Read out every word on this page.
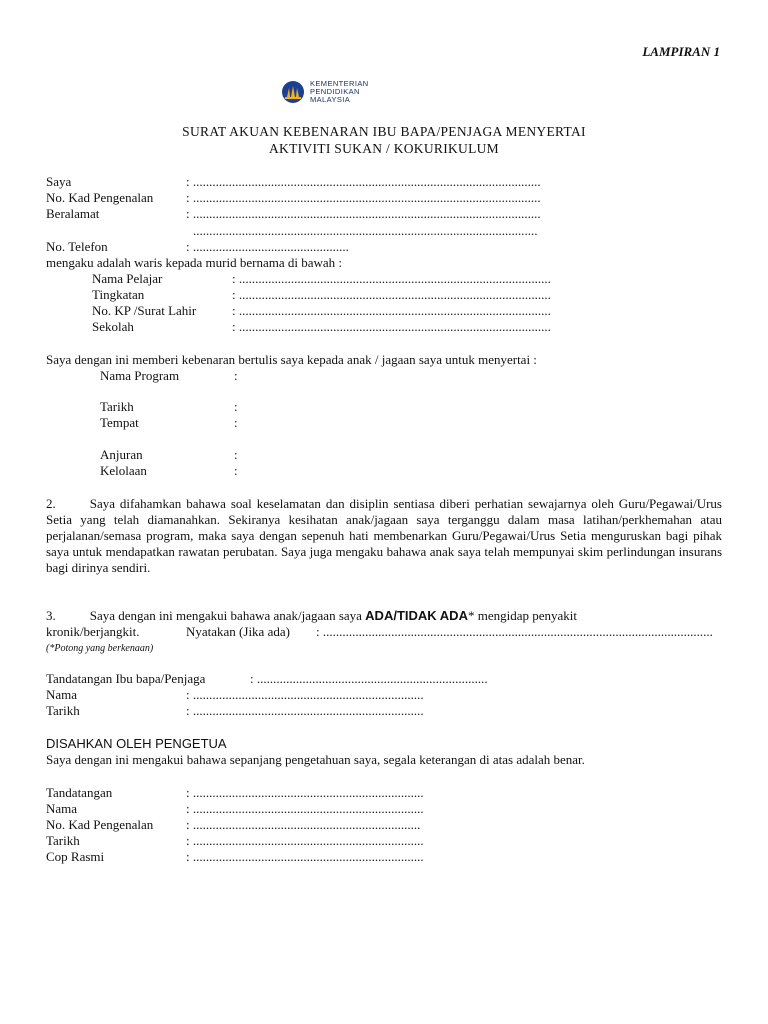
LAMPIRAN 1
KEMENTERIAN
PENDIDIKAN
MALAYSIA
SURAT AKUAN KEBENARAN IBU BAPA/PENJAGA MENYERTAI
AKTIVITI SUKAN / KOKURIKULUM
Saya	: ...........................................................................................................
No. Kad Pengenalan	: ...........................................................................................................
Beralamat	: ...........................................................................................................
..........................................................................................................
No. Telefon	: ................................................
mengaku adalah waris kepada murid bernama di bawah :
Nama Pelajar	: ................................................................................................
Tingkatan	: ................................................................................................
No. KP /Surat Lahir	: ................................................................................................
Sekolah	: ................................................................................................
Saya dengan ini memberi kebenaran bertulis saya kepada anak / jagaan saya untuk menyertai :
Nama Program	:
Tarikh	:
Tempat	:
Anjuran	:
Kelolaan	:
2.	Saya difahamkan bahawa soal keselamatan dan disiplin sentiasa diberi perhatian sewajarnya oleh Guru/Pegawai/Urus Setia yang telah diamanahkan. Sekiranya kesihatan anak/jagaan saya terganggu dalam masa latihan/perkhemahan atau perjalanan/semasa program, maka saya dengan sepenuh hati membenarkan Guru/Pegawai/Urus Setia menguruskan bagi pihak saya untuk mendapatkan rawatan perubatan. Saya juga mengaku bahawa anak saya telah mempunyai skim perlindungan insurans bagi dirinya sendiri.
3.	Saya dengan ini mengakui bahawa anak/jagaan saya ADA/TIDAK ADA* mengidap penyakit
kronik/berjangkit.	Nyatakan (Jika ada) : ........................................................................................................................
(*Potong yang berkenaan)
Tandatangan Ibu bapa/Penjaga	: .......................................................................
Nama	: .......................................................................
Tarikh	: .......................................................................
DISAHKAN OLEH PENGETUA
Saya dengan ini mengakui bahawa sepanjang pengetahuan saya, segala keterangan di atas adalah benar.
Tandatangan	: .......................................................................
Nama	: .......................................................................
No. Kad Pengenalan	: ......................................................................
Tarikh	: .......................................................................
Cop Rasmi	: .......................................................................
